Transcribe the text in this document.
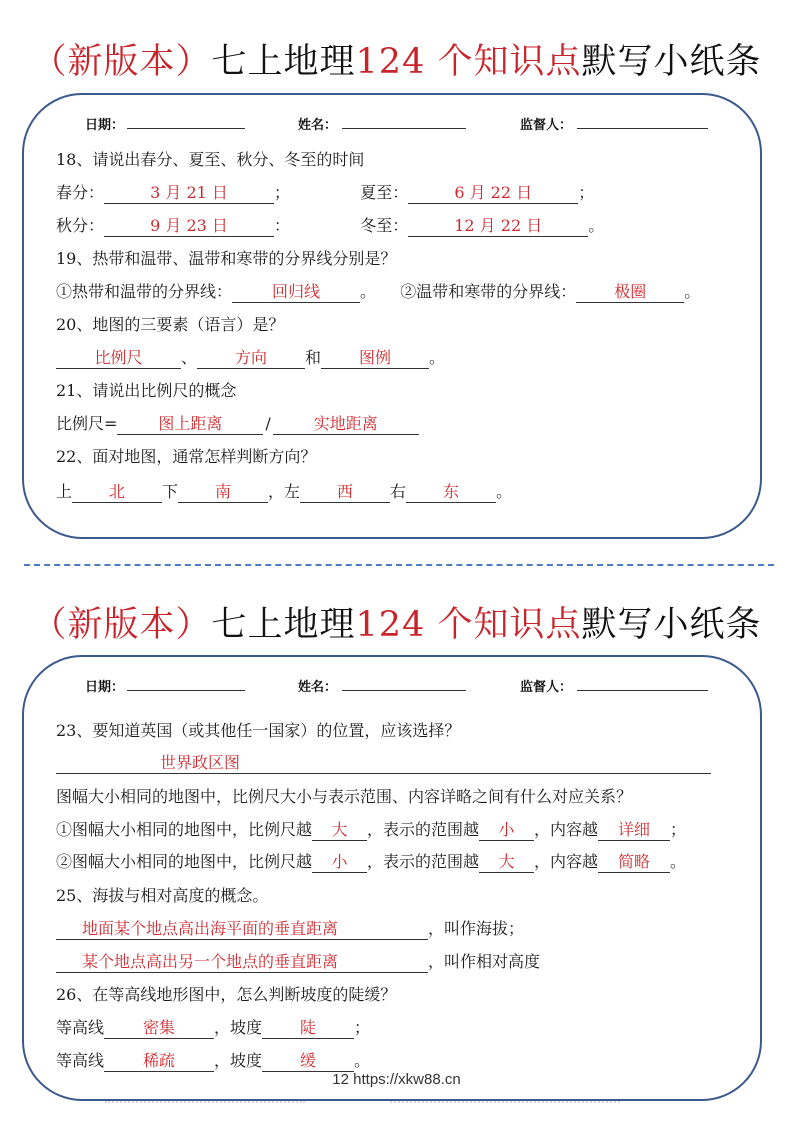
（新版本）七上地理124 个知识点默写小纸条
日期：	姓名：	监督人：
18、请说出春分、夏至、秋分、冬至的时间
春分：	3 月 21 日	；	夏至：	6 月 22 日	；
秋分：	9 月 23 日	：	冬至：	12 月 22 日	。
19、热带和温带、温带和寒带的分界线分别是？
①热带和温带的分界线： 回归线	。 ②温带和寒带的分界线： 极圈 。
20、地图的三要素（语言）是？
比例尺 、 方向 和 图例 。
21、请说出比例尺的概念
比例尺=	图上距离	/	实地距离
22、面对地图，通常怎样判断方向？
上 北 下 南 ，左 西 右 东 。
（新版本）七上地理124 个知识点默写小纸条
日期：	姓名：	监督人：
23、要知道英国（或其他任一国家）的位置，应该选择？
世界政区图
图幅大小相同的地图中，比例尺大小与表示范围、内容详略之间有什么对应关系？
①图幅大小相同的地图中，比例尺越 大 ，表示的范围越 小 ，内容越 详细 ；
②图幅大小相同的地图中，比例尺越 小 ，表示的范围越 大 ，内容越 简略 。
25、海拔与相对高度的概念。
地面某个地点高出海平面的垂直距离	，叫作海拔；
某个地点高出另一个地点的垂直距离	，叫作相对高度
26、在等高线地形图中，怎么判断坡度的陡缓？
等高线 密集 ，坡度 陡 ；
等高线 稀疏 ，坡度 缓 。
12 https://xkw88.cn
